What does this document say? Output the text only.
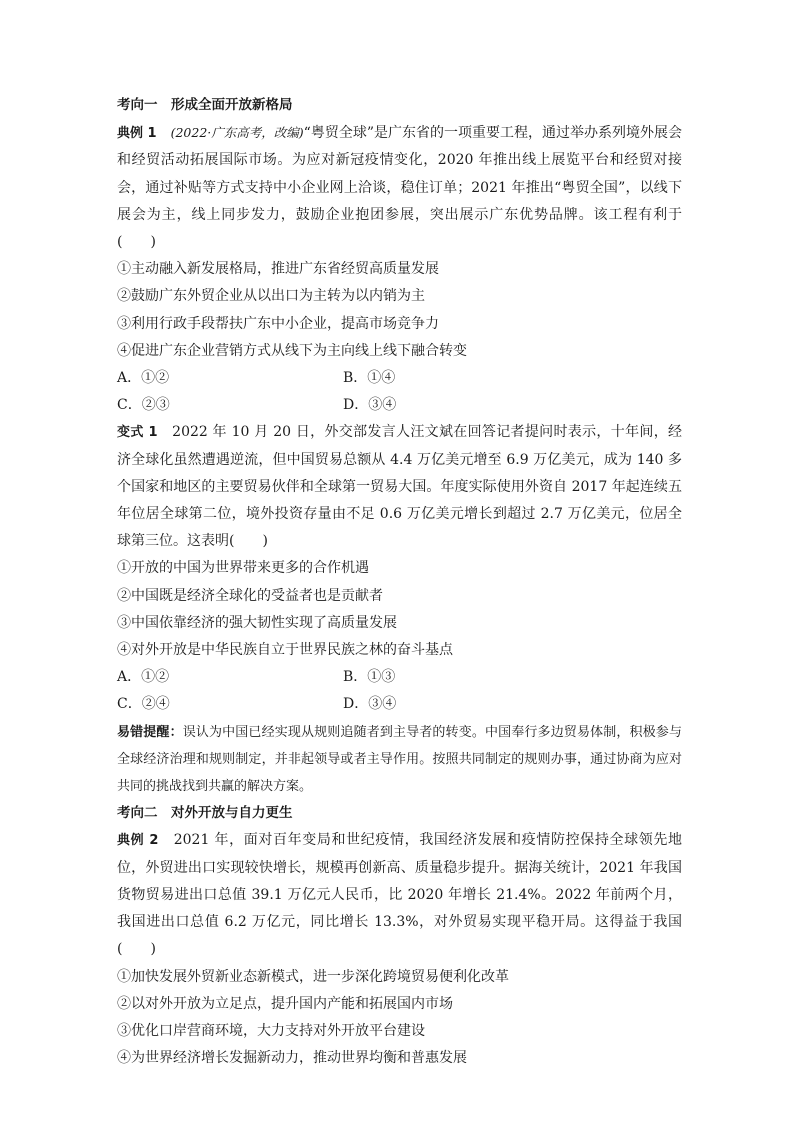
考向一　形成全面开放新格局
典例 1　 (2022·广东高考，改编)“粤贸全球”是广东省的一项重要工程，通过举办系列境外展会和经贸活动拓展国际市场。为应对新冠疫情变化，2020 年推出线上展览平台和经贸对接会，通过补贴等方式支持中小企业网上洽谈，稳住订单；2021 年推出“粤贸全国”，以线下展会为主，线上同步发力，鼓励企业抱团参展，突出展示广东优势品牌。该工程有利于(　　)
①主动融入新发展格局，推进广东省经贸高质量发展
②鼓励广东外贸企业从以出口为主转为以内销为主
③利用行政手段帮扶广东中小企业，提高市场竞争力
④促进广东企业营销方式从线下为主向线上线下融合转变
A．①②	B．①④
C．②③	D．③④
变式 1　 2022 年 10 月 20 日，外交部发言人汪文斌在回答记者提问时表示，十年间，经济全球化虽然遭遇逆流，但中国贸易总额从 4.4 万亿美元增至 6.9 万亿美元，成为 140 多个国家和地区的主要贸易伙伴和全球第一贸易大国。年度实际使用外资自 2017 年起连续五年位居全球第二位，境外投资存量由不足 0.6 万亿美元增长到超过 2.7 万亿美元，位居全球第三位。这表明(　　)
①开放的中国为世界带来更多的合作机遇
②中国既是经济全球化的受益者也是贡献者
③中国依靠经济的强大韧性实现了高质量发展
④对外开放是中华民族自立于世界民族之林的奋斗基点
A．①②	B．①③
C．②④	D．③④
易错提醒：误认为中国已经实现从规则追随者到主导者的转变。中国奉行多边贸易体制，积极参与全球经济治理和规则制定，并非起领导或者主导作用。按照共同制定的规则办事，通过协商为应对共同的挑战找到共赢的解决方案。
考向二　对外开放与自力更生
典例 2　 2021 年，面对百年变局和世纪疫情，我国经济发展和疫情防控保持全球领先地位，外贸进出口实现较快增长，规模再创新高、质量稳步提升。据海关统计，2021 年我国货物贸易进出口总值 39.1 万亿元人民币，比 2020 年增长 21.4%。2022 年前两个月，我国进出口总值 6.2 万亿元，同比增长 13.3%，对外贸易实现平稳开局。这得益于我国(　　)
①加快发展外贸新业态新模式，进一步深化跨境贸易便利化改革
②以对外开放为立足点，提升国内产能和拓展国内市场
③优化口岸营商环境，大力支持对外开放平台建设
④为世界经济增长发掘新动力，推动世界均衡和普惠发展
